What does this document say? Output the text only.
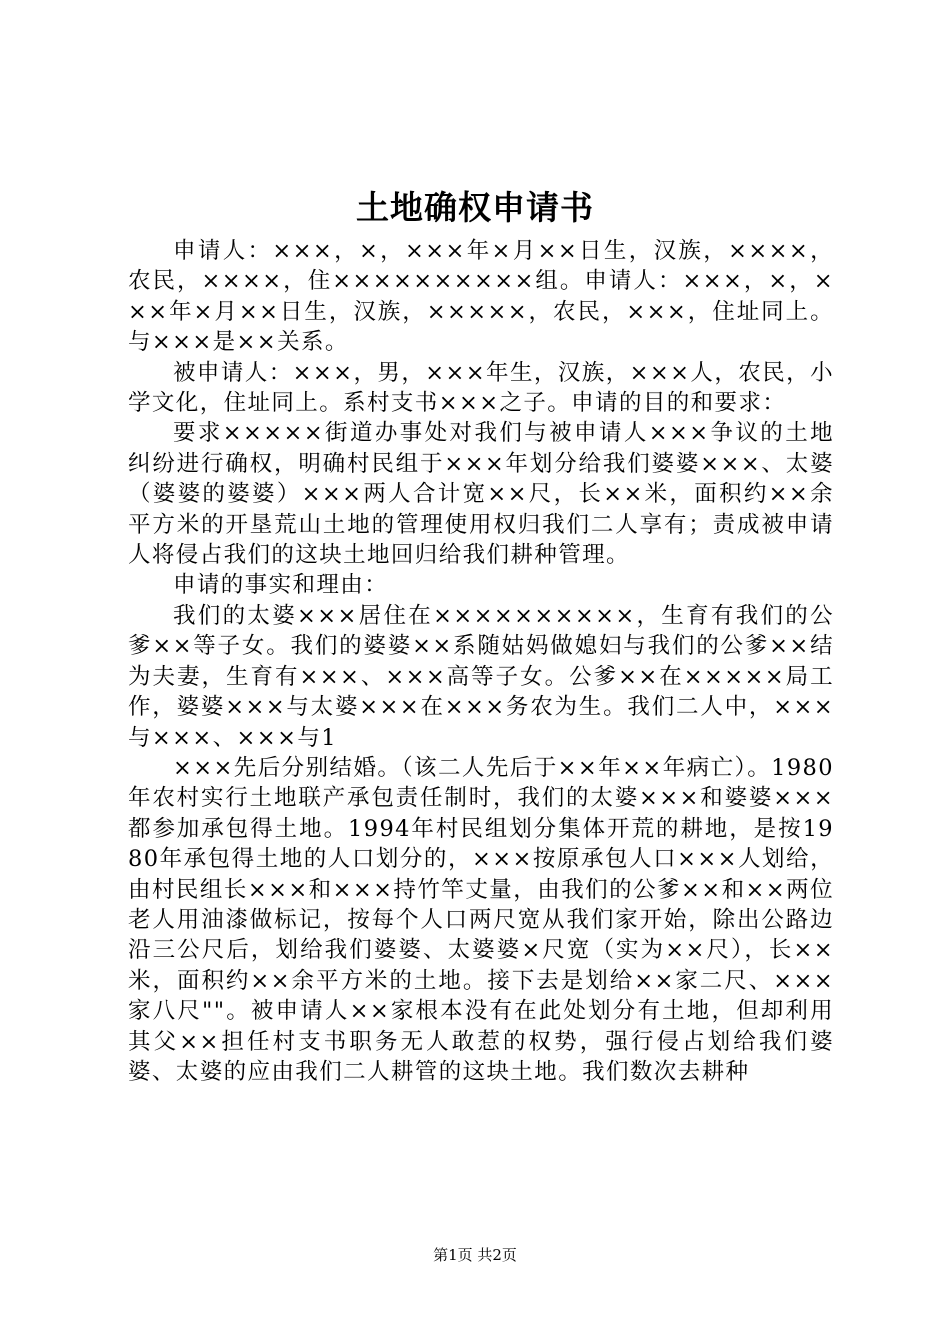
土地确权申请书

申请人：×××，×，×××年×月××日生，汉族，××××，农民，××××，住××××××××××组。申请人：×××，×，×××年×月××日生，汉族，×××××，农民，×××，住址同上。与×××是××关系。

被申请人：×××，男，×××年生，汉族，×××人，农民，小学文化，住址同上。系村支书×××之子。申请的目的和要求：

要求×××××街道办事处对我们与被申请人×××争议的土地纠纷进行确权，明确村民组于×××年划分给我们婆婆×××、太婆（婆婆的婆婆）×××两人合计宽××尺，长××米，面积约××余平方米的开垦荒山土地的管理使用权归我们二人享有；责成被申请人将侵占我们的这块土地回归给我们耕种管理。

申请的事实和理由：

我们的太婆×××居住在××××××××××，生育有我们的公爹××等子女。我们的婆婆××系随姑妈做媳妇与我们的公爹××结为夫妻，生育有×××、×××高等子女。公爹××在×××××局工作，婆婆×××与太婆×××在×××务农为生。我们二人中，×××与×××、×××与1

×××先后分别结婚。（该二人先后于××年××年病亡）。1980年农村实行土地联产承包责任制时，我们的太婆×××和婆婆×××都参加承包得土地。1994年村民组划分集体开荒的耕地，是按1980年承包得土地的人口划分的，×××按原承包人口×××人划给，由村民组长×××和×××持竹竿丈量，由我们的公爹××和××两位老人用油漆做标记，按每个人口两尺宽从我们家开始，除出公路边沿三公尺后，划给我们婆婆、太婆婆×尺宽（实为××尺），长××米，面积约××余平方米的土地。接下去是划给××家二尺、×××家八尺""。被申请人××家根本没有在此处划分有土地，但却利用其父××担任村支书职务无人敢惹的权势，强行侵占划给我们婆婆、太婆的应由我们二人耕管的这块土地。我们数次去耕种

第1页 共2页
